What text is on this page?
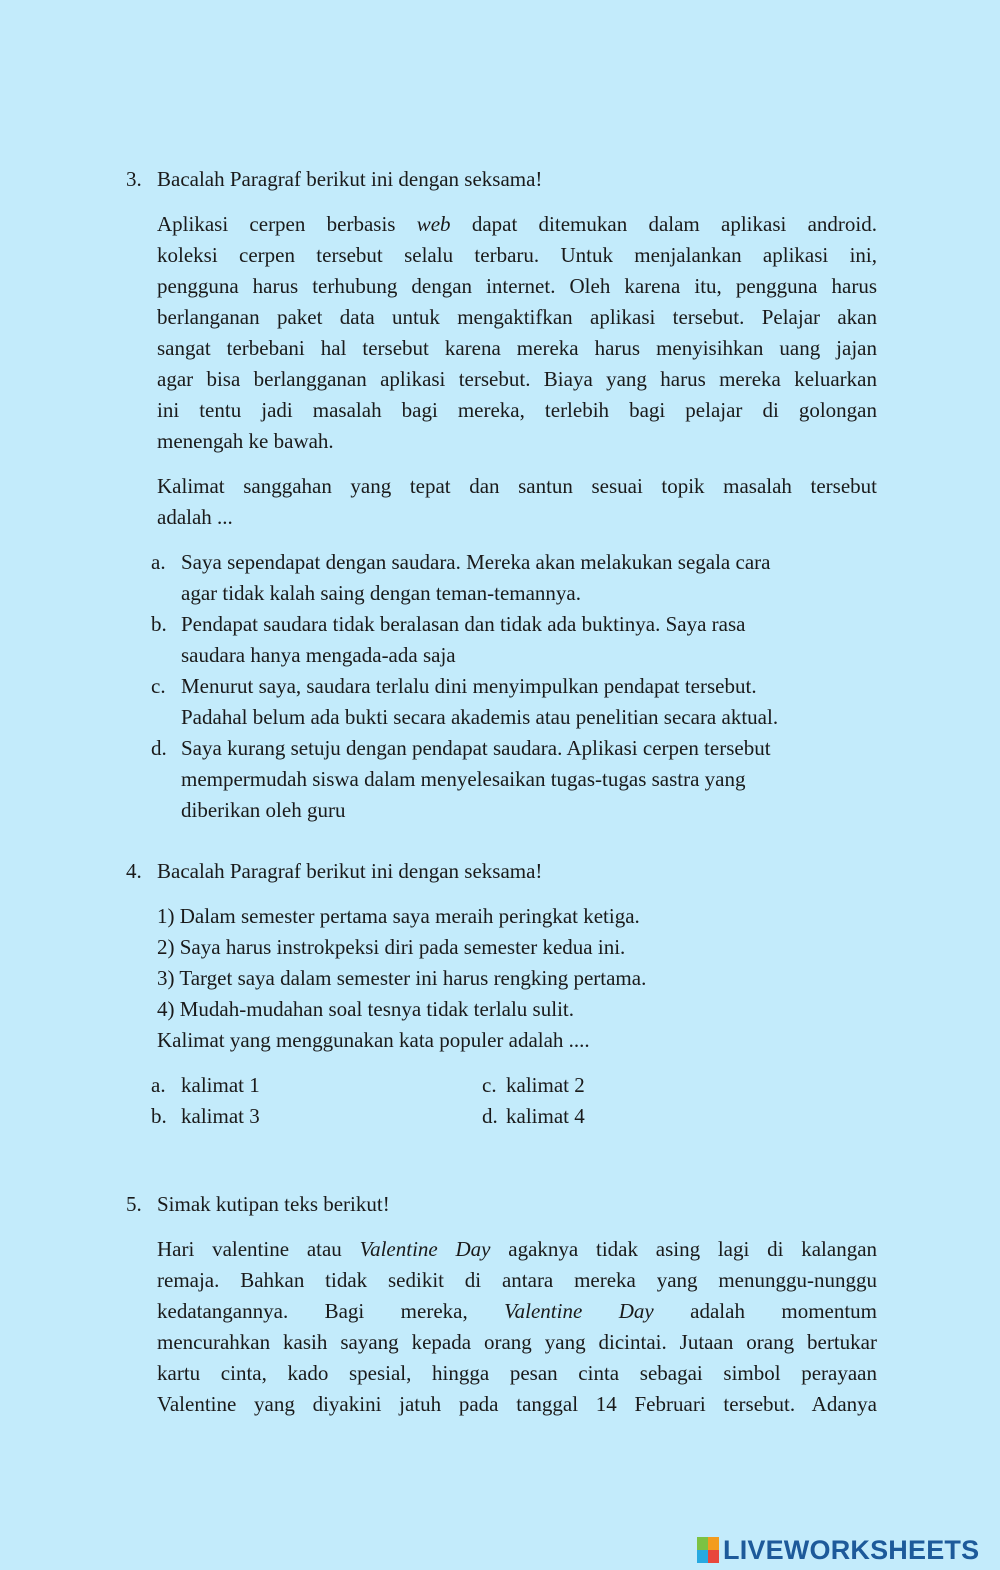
3. Bacalah Paragraf berikut ini dengan seksama!
Aplikasi cerpen berbasis web dapat ditemukan dalam aplikasi android.
koleksi cerpen tersebut selalu terbaru. Untuk menjalankan aplikasi ini,
pengguna harus terhubung dengan internet. Oleh karena itu, pengguna harus
berlanganan paket data untuk mengaktifkan aplikasi tersebut. Pelajar akan
sangat terbebani hal tersebut karena mereka harus menyisihkan uang jajan
agar bisa berlangganan aplikasi tersebut. Biaya yang harus mereka keluarkan
ini tentu jadi masalah bagi mereka, terlebih bagi pelajar di golongan
menengah ke bawah.
Kalimat sanggahan yang tepat dan santun sesuai topik masalah tersebut
adalah ...
a. Saya sependapat dengan saudara. Mereka akan melakukan segala cara
agar tidak kalah saing dengan teman-temannya.
b. Pendapat saudara tidak beralasan dan tidak ada buktinya. Saya rasa
saudara hanya mengada-ada saja
c. Menurut saya, saudara terlalu dini menyimpulkan pendapat tersebut.
Padahal belum ada bukti secara akademis atau penelitian secara aktual.
d. Saya kurang setuju dengan pendapat saudara. Aplikasi cerpen tersebut
mempermudah siswa dalam menyelesaikan tugas-tugas sastra yang
diberikan oleh guru
4. Bacalah Paragraf berikut ini dengan seksama!
1) Dalam semester pertama saya meraih peringkat ketiga.
2) Saya harus instrokpeksi diri pada semester kedua ini.
3) Target saya dalam semester ini harus rengking pertama.
4) Mudah-mudahan soal tesnya tidak terlalu sulit.
Kalimat yang menggunakan kata populer adalah ....
a. kalimat 1	c. kalimat 2
b. kalimat 3	d. kalimat 4
5. Simak kutipan teks berikut!
Hari valentine atau Valentine Day agaknya tidak asing lagi di kalangan
remaja. Bahkan tidak sedikit di antara mereka yang menunggu-nunggu
kedatangannya. Bagi mereka, Valentine Day adalah momentum
mencurahkan kasih sayang kepada orang yang dicintai. Jutaan orang bertukar
kartu cinta, kado spesial, hingga pesan cinta sebagai simbol perayaan
Valentine yang diyakini jatuh pada tanggal 14 Februari tersebut. Adanya
LIVEWORKSHEETS
